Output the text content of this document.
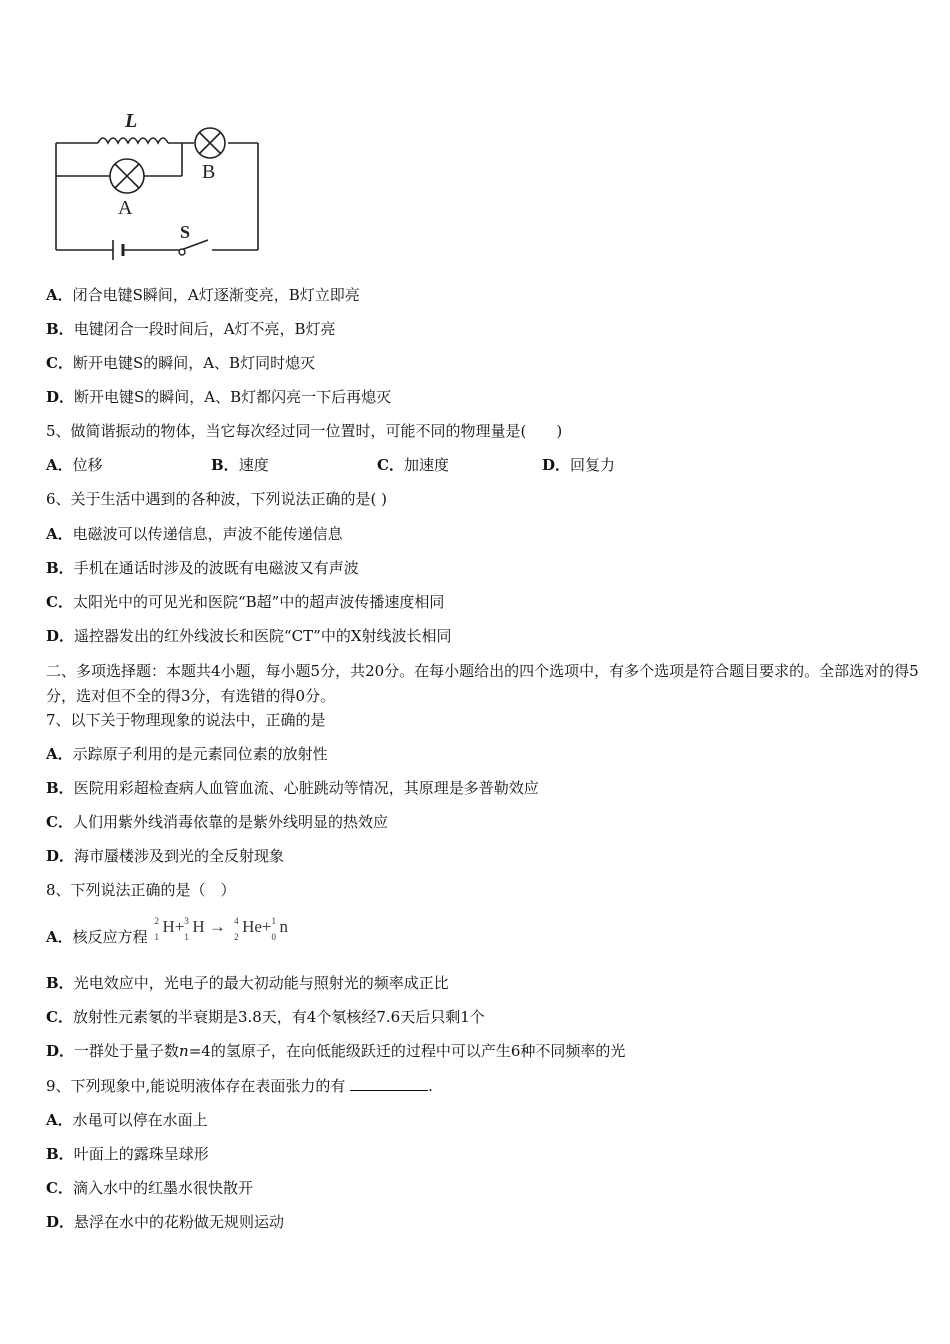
L
A
B
S
A．闭合电键S瞬间，A灯逐渐变亮，B灯立即亮
B．电键闭合一段时间后，A灯不亮，B灯亮
C．断开电键S的瞬间，A、B灯同时熄灭
D．断开电键S的瞬间，A、B灯都闪亮一下后再熄灭
5、做简谐振动的物体，当它每次经过同一位置时，可能不同的物理量是(　　)
A．位移	B．速度	C．加速度	D．回复力
6、关于生活中遇到的各种波，下列说法正确的是( )
A．电磁波可以传递信息，声波不能传递信息
B．手机在通话时涉及的波既有电磁波又有声波
C．太阳光中的可见光和医院“B超”中的超声波传播速度相同
D．遥控器发出的红外线波长和医院“CT”中的X射线波长相同
二、多项选择题：本题共4小题，每小题5分，共20分。在每小题给出的四个选项中，有多个选项是符合题目要求的。全部选对的得5分，选对但不全的得3分，有选错的得0分。
7、以下关于物理现象的说法中，正确的是
A．示踪原子利用的是元素同位素的放射性
B．医院用彩超检查病人血管血流、心脏跳动等情况，其原理是多普勒效应
C．人们用紫外线消毒依靠的是紫外线明显的热效应
D．海市蜃楼涉及到光的全反射现象
8、下列说法正确的是（　）
A．核反应方程
2
1
H+ 3
1
H → 4
2
He+ 1
0
n
B．光电效应中，光电子的最大初动能与照射光的频率成正比
C．放射性元素氡的半衰期是3.8天，有4个氡核经7.6天后只剩1个
D．一群处于量子数n=4的氢原子，在向低能级跃迁的过程中可以产生6种不同频率的光
9、下列现象中,能说明液体存在表面张力的有	.
A．水黾可以停在水面上
B．叶面上的露珠呈球形
C．滴入水中的红墨水很快散开
D．悬浮在水中的花粉做无规则运动
